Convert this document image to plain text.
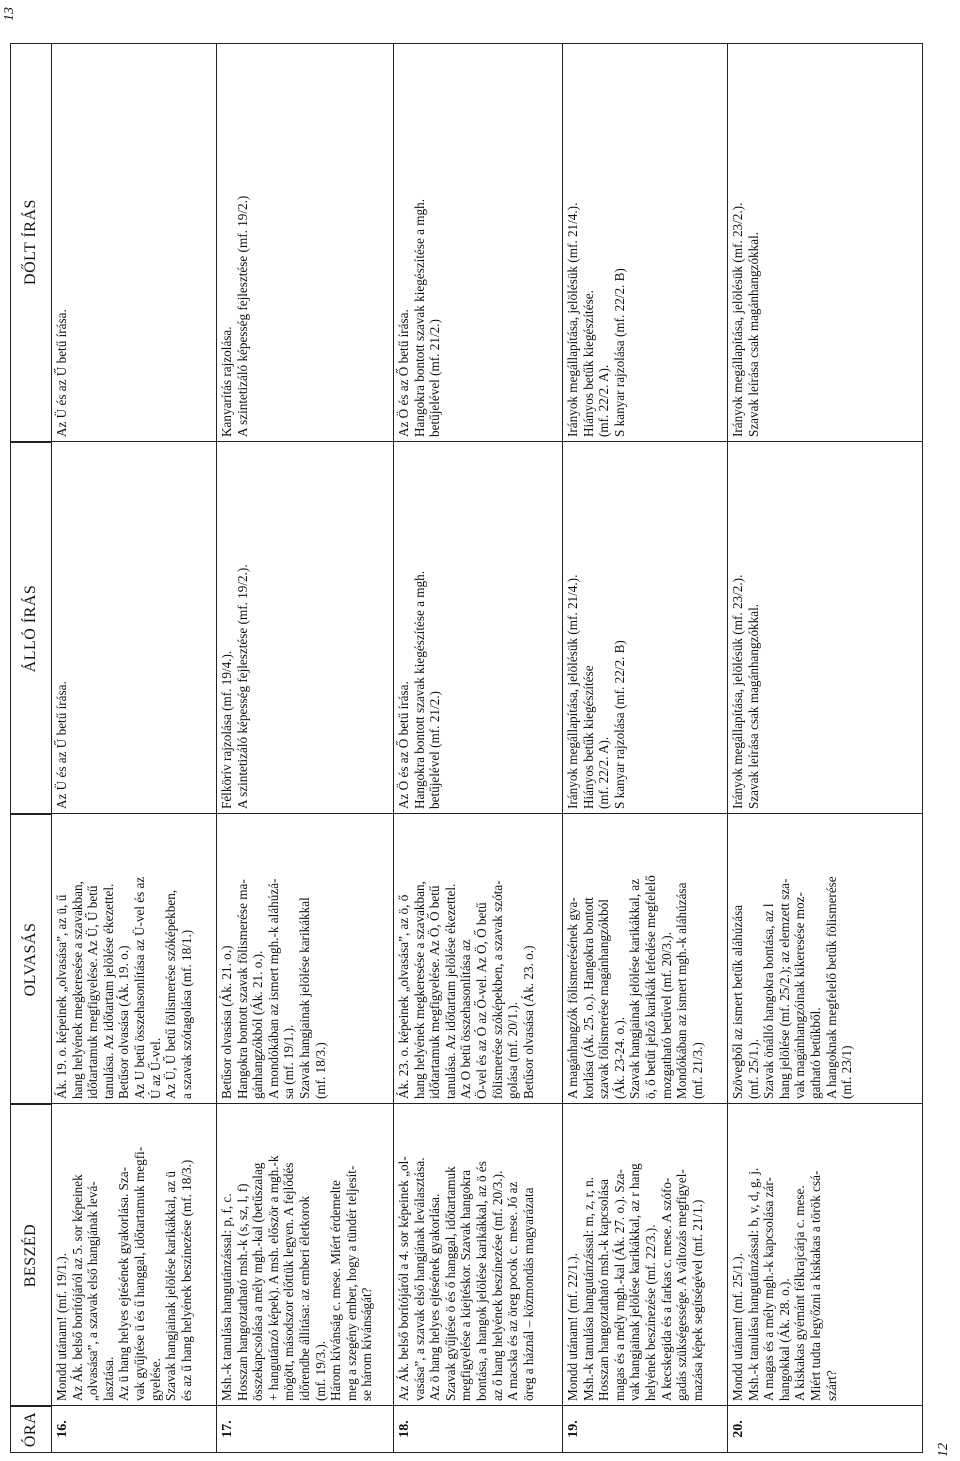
12
13
ÓRA
BESZÉD
OLVASÁS
ÁLLÓ ÍRÁS
DŐLT ÍRÁS
16.
Mondd utánam! (mf. 19/1.). Az Ák. belső borítójáról az 5. sor képeinek „olvasása”, a szavak első hangjának levá- lasztása. Az ü hang helyes ejtésének gyakorlása. Sza- vak gyűjtése ü és ű hanggal, időtartamuk megfi- gyelése. Szavak hangjainak jelölése karikákkal, az ü és az ű hang helyének beszínezése (mf. 18/3.)
Ák. 19. o. képeinek „olvasása”, az ü, ű hang helyének megkeresése a szavakban, időtartamuk megfigyelése. Az Ü, Ű betű tanulása. Az időtartam jelölése ékezettel. Betűsor olvasása (Ák. 19. o.) Az U betű összehasonlítása az Ü-vel és az Ú az Ű-vel. Az Ü, Ű betű fölismerése szóképekben, a szavak szótagolása (mf. 18/1.)
Az Ü és az Ű betű írása.
Az Ü és az Ű betű írása.
17.
Msh.-k tanulása hangutánzással: p, f, c. Hosszan hangoztatható msh.-k (s, sz, l, f) összekapcsolása a mély mgh.-kal (betűszalag + hangutánzó képek). A msh. először a mgh.-k mögött, másodszor előttük legyen. A fejlődés időrendbe állítása: az emberi életkorok (mf. 19/3.). Három kívánság c. mese. Miért érdemelte meg a szegény ember, hogy a tündér teljesít- se három kívánságát?
Betűsor olvasása (Ák. 21. o.) Hangokra bontott szavak fölismerése ma- gánhangzókból (Ák. 21. o.). A mondókában az ismert mgh.-k aláhúzá- sa (mf. 19/1.). Szavak hangjainak jelölése karikákkal (mf. 18/3.)
Félkörív rajzolása (mf. 19/4.). A szintetizáló képesség fejlesztése (mf. 19/2.).
Kanyarítás rajzolása. A szintetizáló képesség fejlesztése (mf. 19/2.)
18.
Az Ák. belső borítójáról a 4. sor képeinek „ol- vasása”, a szavak első hangjának leválasztása. Az ö hang helyes ejtésének gyakorlása. Szavak gyűjtése ö és ő hanggal, időtartamuk megfigyelése a kiejtéskor. Szavak hangokra bontása, a hangok jelölése karikákkal, az ö és az ő hang helyének beszínezése (mf. 20/3.). A macska és az öreg pocok c. mese. Jó az öreg a háznál – közmondás magyarázata
Ák. 23. o. képeinek „olvasása”, az ö, ő hang helyének megkeresése a szavakban, időtartamuk megfigyelése. Az Ö, Ő betű tanulása. Az időtartam jelölése ékezettel. Az O betű összehasonlítása az Ö-vel és az Ó az Ő-vel. Az Ö, Ő betű fölismerése szóképekben, a szavak szóta- golása (mf. 20/1.). Betűsor olvasása (Ák. 23. o.)
Az Ö és az Ő betű írása. Hangokra bontott szavak kiegészítése a mgh. betűjelével (mf. 21/2.)
Az Ö és az Ő betű írása. Hangokra bontott szavak kiegészítése a mgh. betűjelével (mf. 21/2.)
19.
Mondd utánam! (mf. 22/1.). Msh.-k tanulása hangutánzással: m, z, r, n. Hosszan hangoztatható msh.-k kapcsolása magas és a mély mgh.-kal (Ák. 27. o.). Sza- vak hangjainak jelölése karikákkal, az r hang helyének beszínezése (mf. 22/3.). A kecskegida és a farkas c. mese. A szófo- gadás szükségessége. A változás megfigyel- mazása képek segítségével (mf. 21/1.)
A magánhangzók fölismerésének gya- korlása (Ák. 25. o.). Hangokra bontott szavak fölismerése magánhangzókból (Ák. 23-24. o.). Szavak hangjainak jelölése karikákkal, az ö, ő betűt jelző karikák lefedése megfelelő mozgatható betűvel (mf. 20/3.). Mondókában az ismert mgh.-k aláhúzása (mf. 21/3.)
Irányok megállapítása, jelölésük (mf. 21/4.). Hiányos betűk kiegészítése (mf. 22/2. A). S kanyar rajzolása (mf. 22/2. B)
Irányok megállapítása, jelölésük (mf. 21/4.). Hiányos betűk kiegészítése. (mf. 22/2. A). S kanyar rajzolása (mf. 22/2. B)
20.
Mondd utánam! (mf. 25/1.). Msh.-k tanulása hangutánzással: b, v, d, g, j. A magas és a mély mgh.-k kapcsolása zár- hangokkal (Ák. 28. o.). A kiskakas gyémánt félkrajcárja c. mese. Miért tudta legyőzni a kiskakas a török csá- szárt?
Szövegből az ismert betűk aláhúzása (mf. 25/1.). Szavak önálló hangokra bontása, az l hang jelölése (mf. 25/2.); az elemzett sza- vak magánhangzóinak kikeresése moz- gatható betűkből. A hangoknak megfelelő betűk fölismerése (mf. 23/1)
Irányok megállapítása, jelölésük (mf. 23/2.). Szavak leírása csak magánhangzókkal.
Irányok megállapítása, jelölésük (mf. 23/2.). Szavak leírása csak magánhangzókkal.
